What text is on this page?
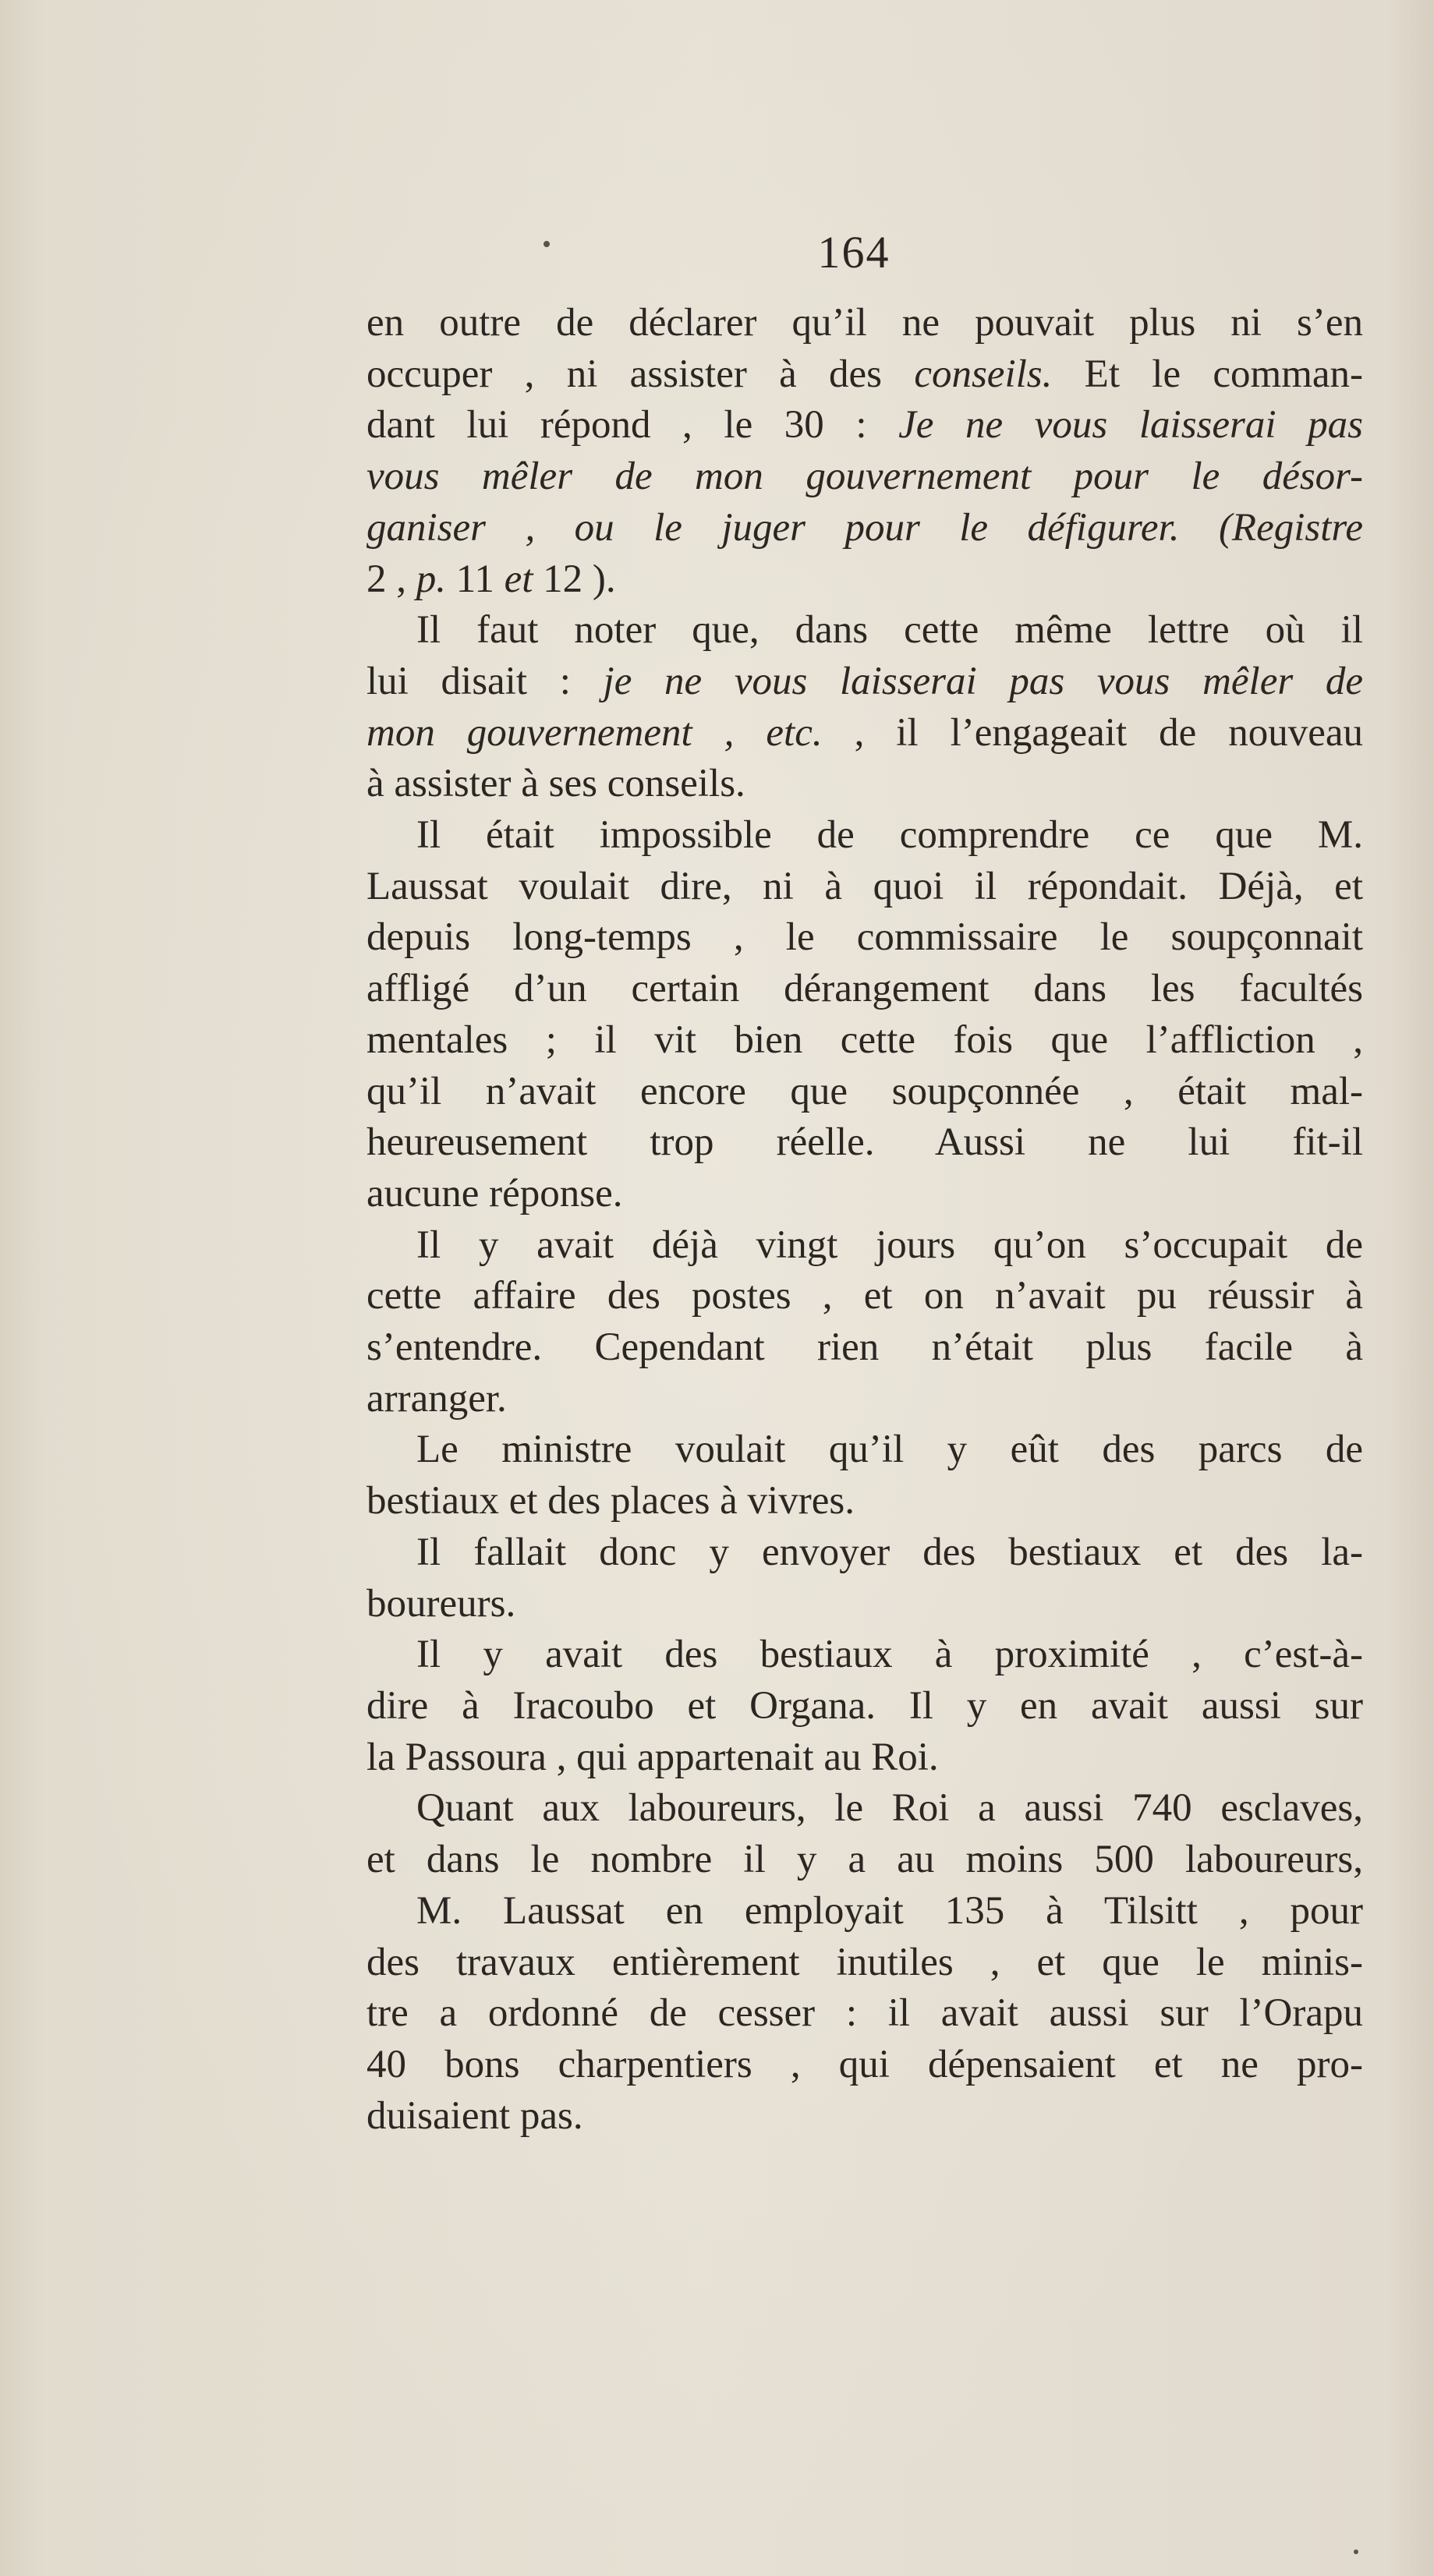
164
en outre de déclarer qu’il ne pouvait plus ni s’en
occuper , ni assister à des conseils. Et le comman-
dant lui répond , le 30 : Je ne vous laisserai pas
vous mêler de mon gouvernement pour le désor-
ganiser , ou le juger pour le défigurer. (Registre
2 , p. 11 et 12 ).
Il faut noter que, dans cette même lettre où il
lui disait : je ne vous laisserai pas vous mêler de
mon gouvernement , etc. , il l’engageait de nouveau
à assister à ses conseils.
Il était impossible de comprendre ce que M.
Laussat voulait dire, ni à quoi il répondait. Déjà, et
depuis long-temps , le commissaire le soupçonnait
affligé d’un certain dérangement dans les facultés
mentales ; il vit bien cette fois que l’affliction ,
qu’il n’avait encore que soupçonnée , était mal-
heureusement trop réelle. Aussi ne lui fit-il
aucune réponse.
Il y avait déjà vingt jours qu’on s’occupait de
cette affaire des postes , et on n’avait pu réussir à
s’entendre. Cependant rien n’était plus facile à
arranger.
Le ministre voulait qu’il y eût des parcs de
bestiaux et des places à vivres.
Il fallait donc y envoyer des bestiaux et des la-
boureurs.
Il y avait des bestiaux à proximité , c’est-à-
dire à Iracoubo et Organa. Il y en avait aussi sur
la Passoura , qui appartenait au Roi.
Quant aux laboureurs, le Roi a aussi 740 esclaves,
et dans le nombre il y a au moins 500 laboureurs,
M. Laussat en employait 135 à Tilsitt , pour
des travaux entièrement inutiles , et que le minis-
tre a ordonné de cesser : il avait aussi sur l’Orapu
40 bons charpentiers , qui dépensaient et ne pro-
duisaient pas.
